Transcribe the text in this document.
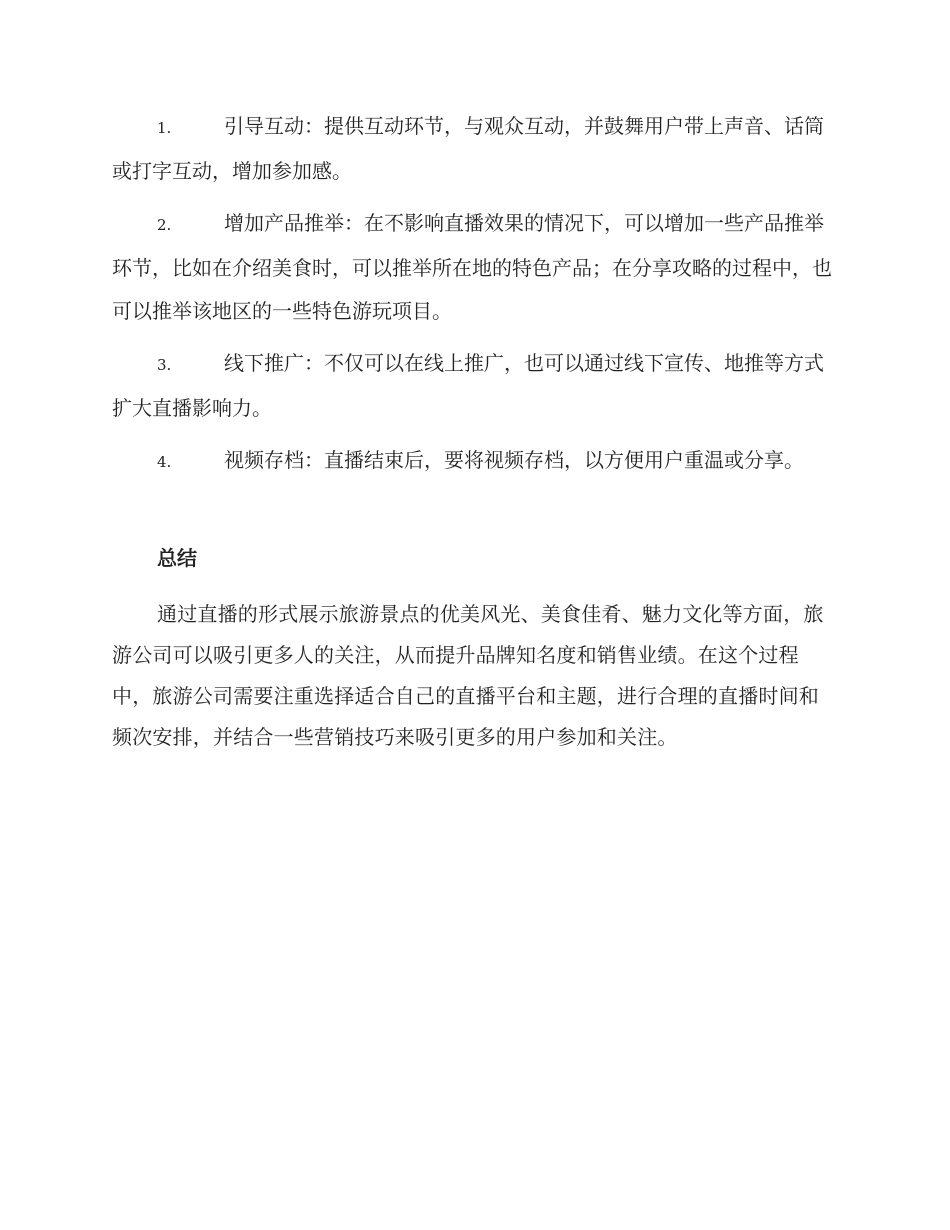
1.	引导互动：提供互动环节，与观众互动，并鼓舞用户带上声音、话筒或打字互动，增加参加感。

2.	增加产品推举：在不影响直播效果的情况下，可以增加一些产品推举环节，比如在介绍美食时，可以推举所在地的特色产品；在分享攻略的过程中，也可以推举该地区的一些特色游玩项目。

3.	线下推广：不仅可以在线上推广，也可以通过线下宣传、地推等方式扩大直播影响力。

4.	视频存档：直播结束后，要将视频存档，以方便用户重温或分享。

总结

通过直播的形式展示旅游景点的优美风光、美食佳肴、魅力文化等方面，旅游公司可以吸引更多人的关注，从而提升品牌知名度和销售业绩。在这个过程中，旅游公司需要注重选择适合自己的直播平台和主题，进行合理的直播时间和频次安排，并结合一些营销技巧来吸引更多的用户参加和关注。
